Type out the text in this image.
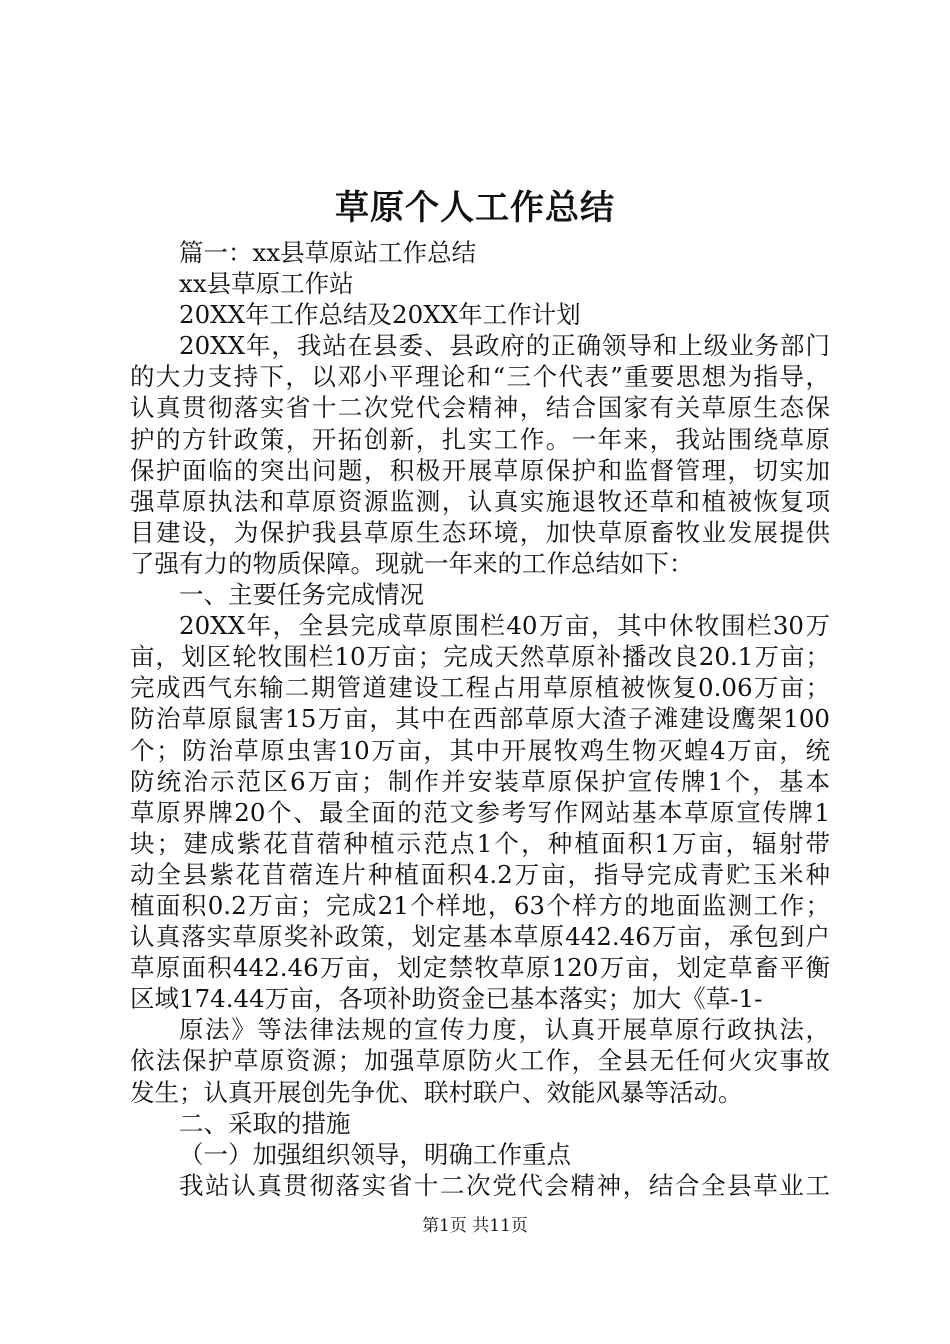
草原个人工作总结
篇一：xx县草原站工作总结
xx县草原工作站
20XX年工作总结及20XX年工作计划
20XX年，我站在县委、县政府的正确领导和上级业务部门
的大力支持下，以邓小平理论和“三个代表”重要思想为指导，
认真贯彻落实省十二次党代会精神，结合国家有关草原生态保
护的方针政策，开拓创新，扎实工作。一年来，我站围绕草原
保护面临的突出问题，积极开展草原保护和监督管理，切实加
强草原执法和草原资源监测，认真实施退牧还草和植被恢复项
目建设，为保护我县草原生态环境，加快草原畜牧业发展提供
了强有力的物质保障。现就一年来的工作总结如下：
一、主要任务完成情况
20XX年，全县完成草原围栏40万亩，其中休牧围栏30万
亩，划区轮牧围栏10万亩；完成天然草原补播改良20.1万亩；
完成西气东输二期管道建设工程占用草原植被恢复0.06万亩；
防治草原鼠害15万亩，其中在西部草原大渣子滩建设鹰架100
个；防治草原虫害10万亩，其中开展牧鸡生物灭蝗4万亩，统
防统治示范区6万亩；制作并安装草原保护宣传牌1个，基本
草原界牌20个、最全面的范文参考写作网站基本草原宣传牌1
块；建成紫花苜蓿种植示范点1个，种植面积1万亩，辐射带
动全县紫花苜蓿连片种植面积4.2万亩，指导完成青贮玉米种
植面积0.2万亩；完成21个样地，63个样方的地面监测工作；
认真落实草原奖补政策，划定基本草原442.46万亩，承包到户
草原面积442.46万亩，划定禁牧草原120万亩，划定草畜平衡
区域174.44万亩，各项补助资金已基本落实；加大《草-1-
原法》等法律法规的宣传力度，认真开展草原行政执法，
依法保护草原资源；加强草原防火工作，全县无任何火灾事故
发生；认真开展创先争优、联村联户、效能风暴等活动。
二、采取的措施
（一）加强组织领导，明确工作重点
我站认真贯彻落实省十二次党代会精神，结合全县草业工
第1页 共11页
